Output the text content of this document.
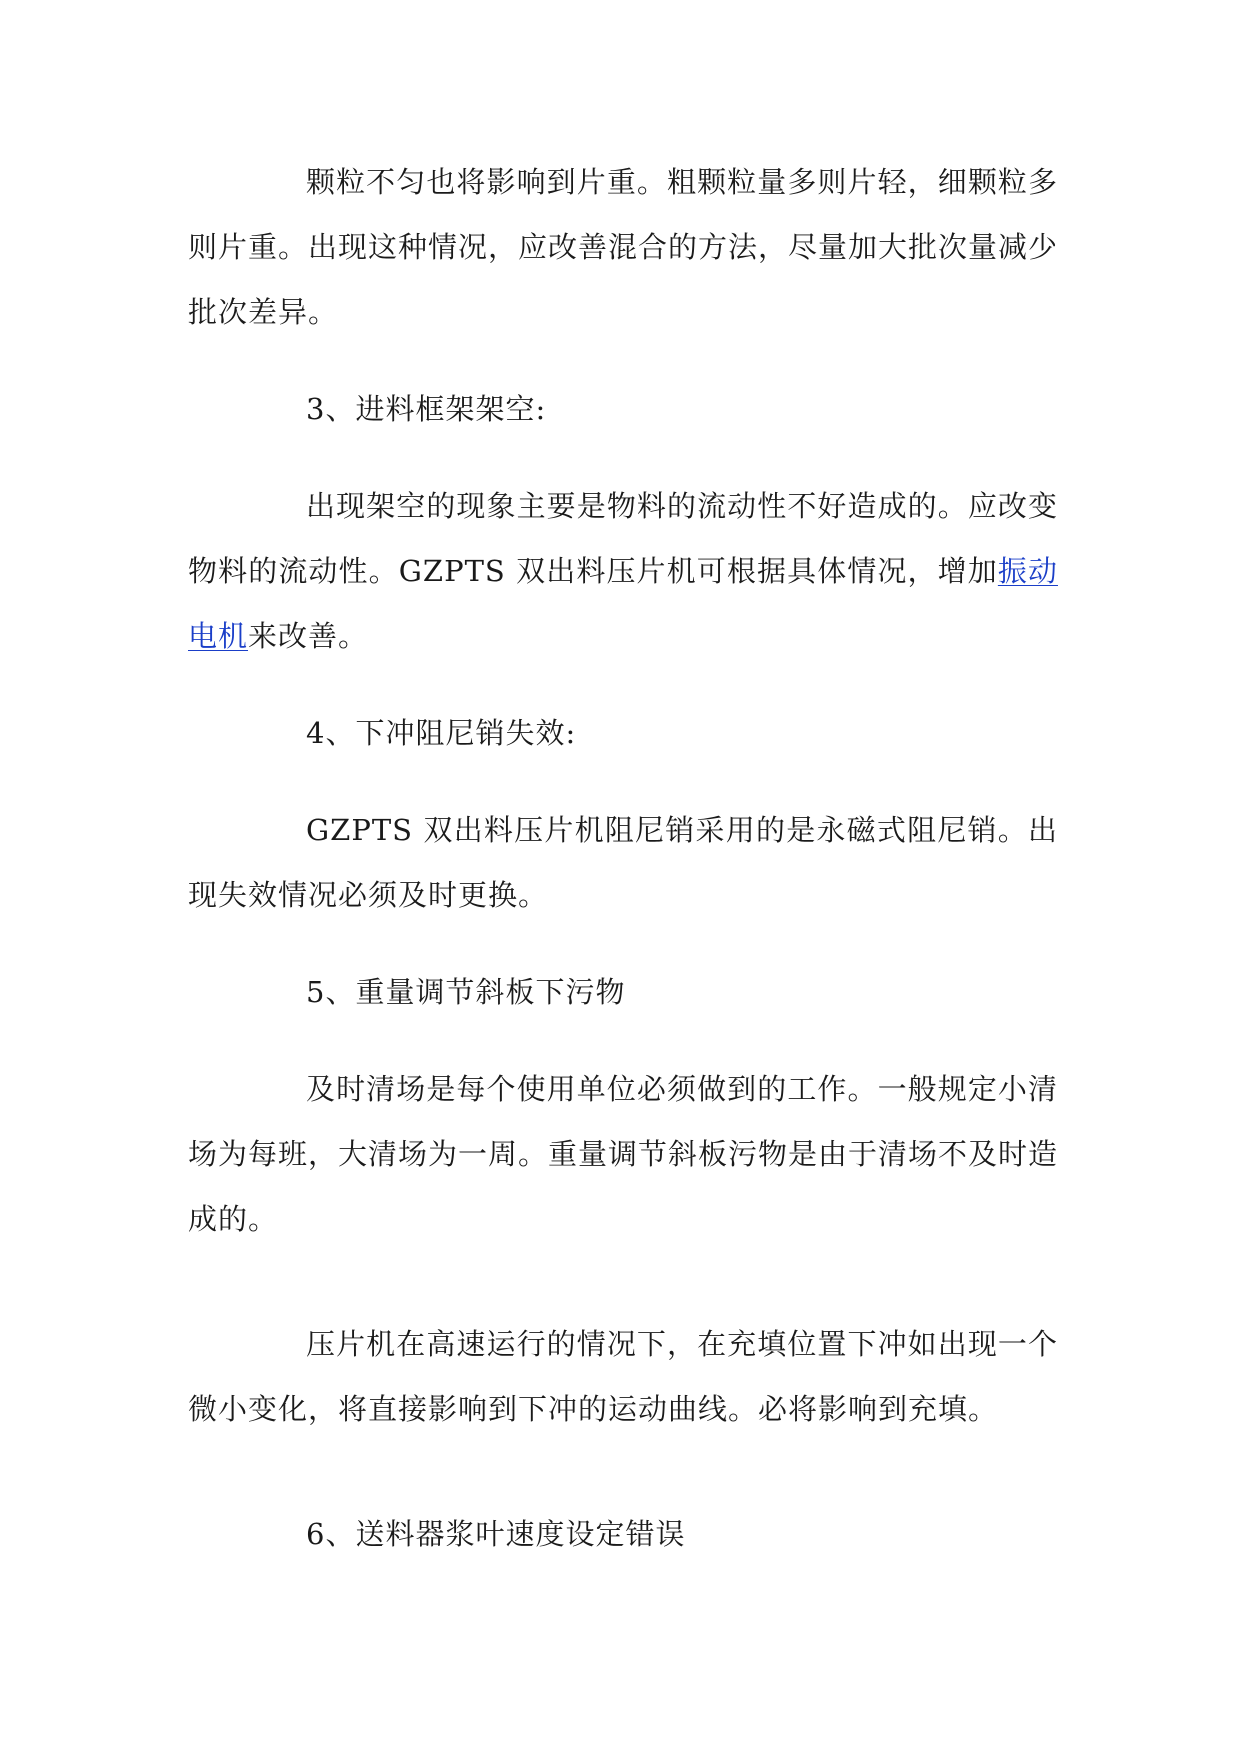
颗粒不匀也将影响到片重。粗颗粒量多则片轻，细颗粒多则片重。出现这种情况，应改善混合的方法，尽量加大批次量减少批次差异。

3、进料框架架空:

出现架空的现象主要是物料的流动性不好造成的。应改变物料的流动性。GZPTS 双出料压片机可根据具体情况，增加振动电机来改善。

4、下冲阻尼销失效:

GZPTS 双出料压片机阻尼销采用的是永磁式阻尼销。出现失效情况必须及时更换。

5、重量调节斜板下污物

及时清场是每个使用单位必须做到的工作。一般规定小清场为每班，大清场为一周。重量调节斜板污物是由于清场不及时造成的。

压片机在高速运行的情况下，在充填位置下冲如出现一个微小变化，将直接影响到下冲的运动曲线。必将影响到充填。

6、送料器浆叶速度设定错误
